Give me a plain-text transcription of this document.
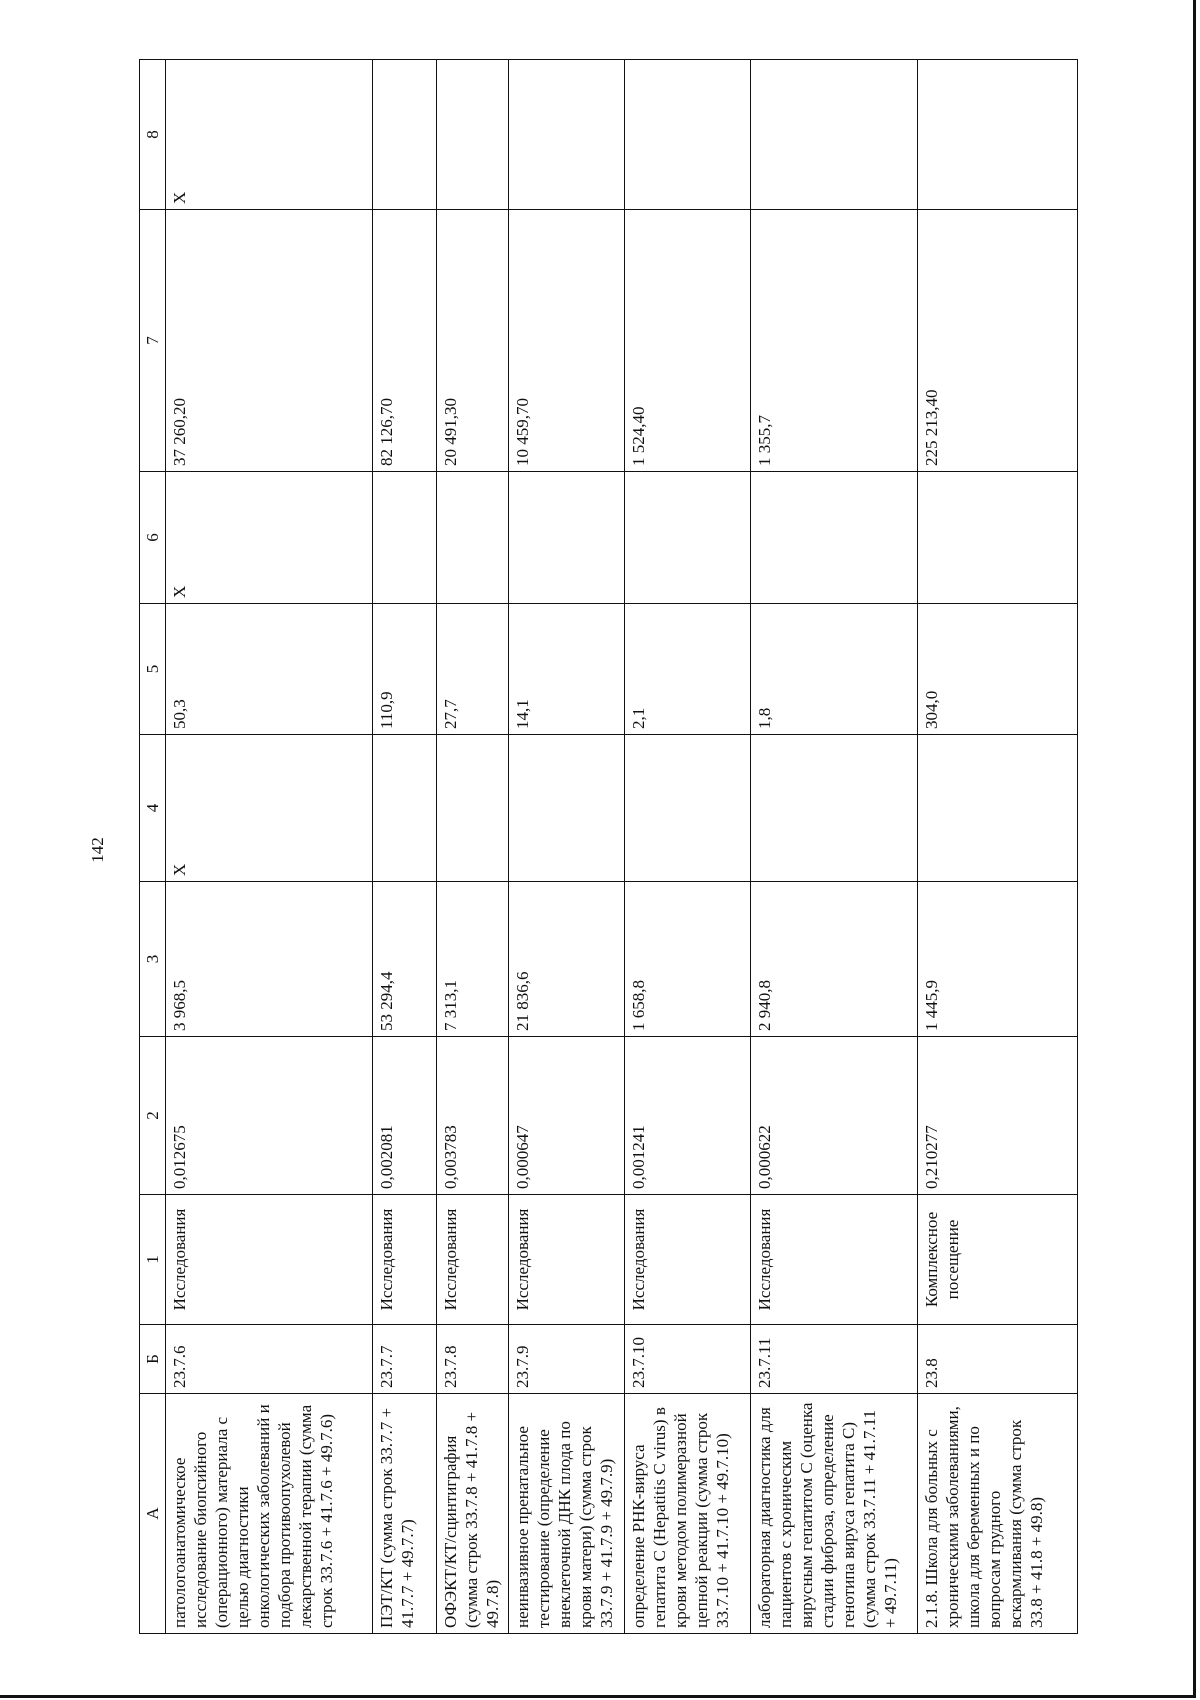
142
А	Б	1	2	3	4	5	6	7	8
патологоанатомическое исследование биопсийного (операционного) материала с целью диагностики онкологических заболеваний и подбора противоопухолевой лекарственной терапии (сумма строк 33.7.6 + 41.7.6 + 49.7.6)	23.7.6	Исследования	0,012675	3 968,5	Х	50,3	Х	37 260,20	Х
ПЭТ/КТ (сумма строк 33.7.7 + 41.7.7 + 49.7.7)	23.7.7	Исследования	0,002081	53 294,4		110,9		82 126,70	
ОФЭКТ/КТ/сцинтиграфия (сумма строк 33.7.8 + 41.7.8 + 49.7.8)	23.7.8	Исследования	0,003783	7 313,1		27,7		20 491,30	
неинвазивное пренатальное тестирование (определение внеклеточной ДНК плода по крови матери) (сумма строк 33.7.9 + 41.7.9 + 49.7.9)	23.7.9	Исследования	0,000647	21 836,6		14,1		10 459,70	
определение РНК-вируса гепатита С (Hepatitis C virus) в крови методом полимеразной цепной реакции (сумма строк 33.7.10 + 41.7.10 + 49.7.10)	23.7.10	Исследования	0,001241	1 658,8		2,1		1 524,40	
лабораторная диагностика для пациентов с хроническим вирусным гепатитом С (оценка стадии фиброза, определение генотипа вируса гепатита С) (сумма строк 33.7.11 + 41.7.11 + 49.7.11)	23.7.11	Исследования	0,000622	2 940,8		1,8		1 355,7	
2.1.8. Школа для больных с хроническими заболеваниями, школа для беременных и по вопросам грудного вскармливания (сумма строк 33.8 + 41.8 + 49.8)	23.8	Комплексное посещение	0,210277	1 445,9		304,0		225 213,40	
